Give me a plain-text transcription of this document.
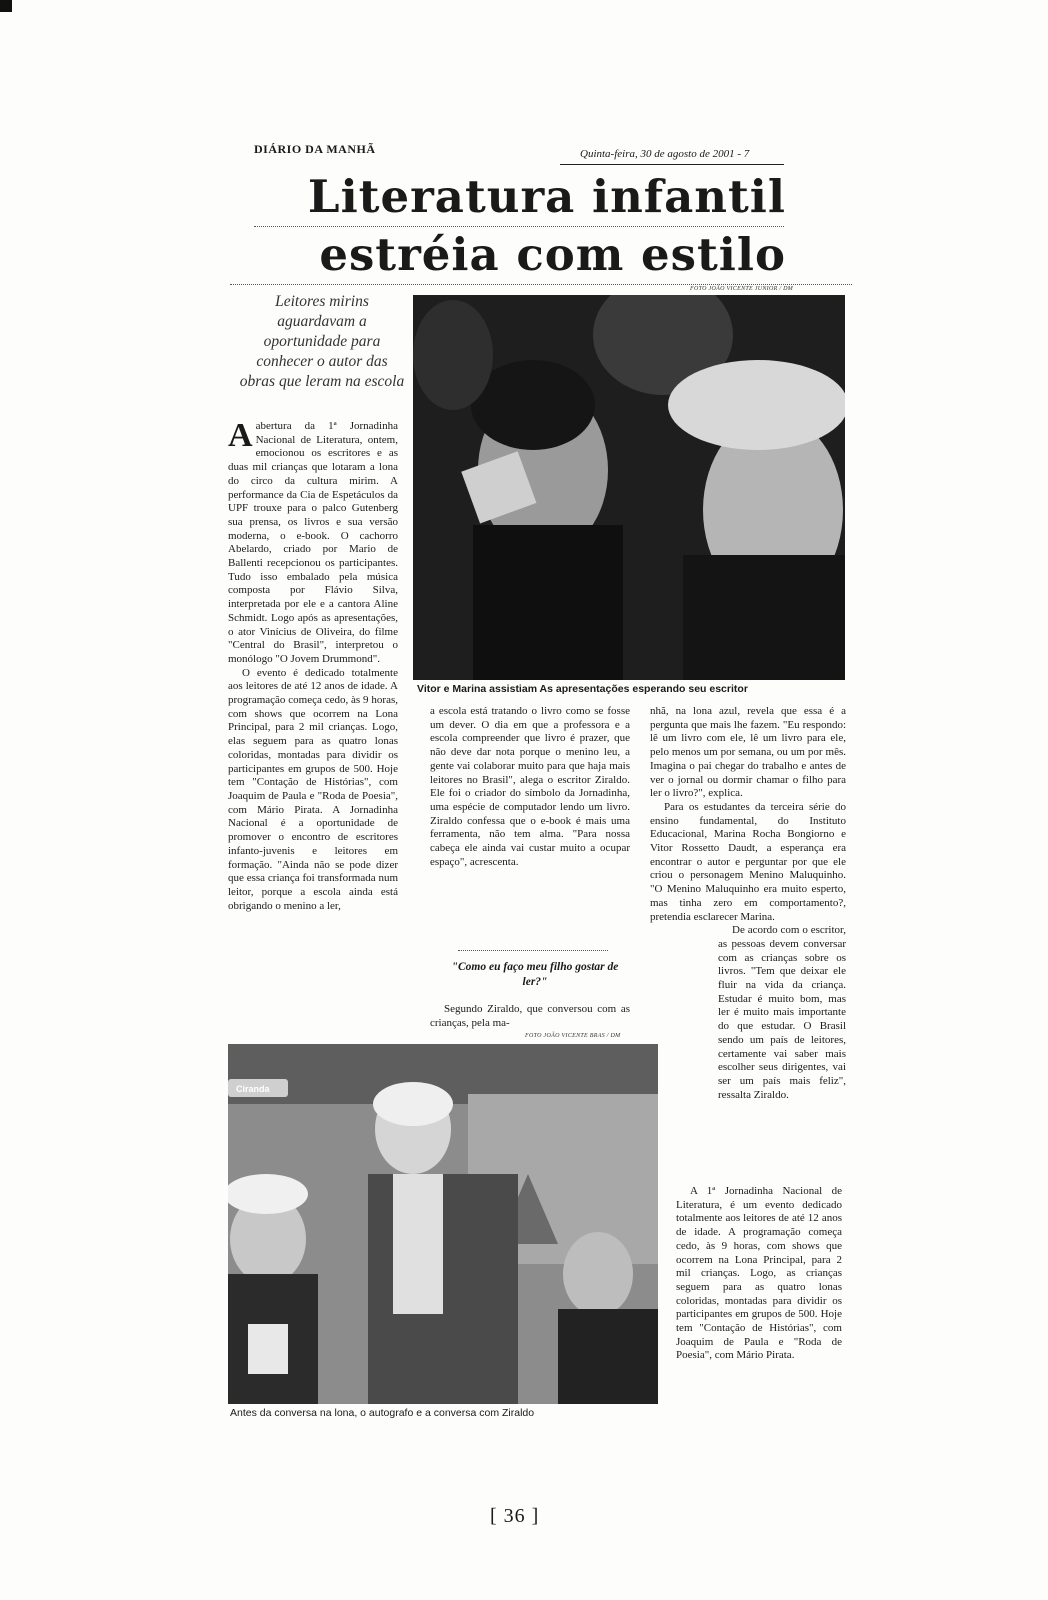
DIÁRIO DA MANHÃ	Quinta-feira, 30 de agosto de 2001 - 7
Literatura infantil
estréia com estilo
FOTO JOÃO VICENTE JUNIOR / DM
Leitores mirins aguardavam a oportunidade para conhecer o autor das obras que leram na escola
Vitor e Marina assistiam As apresentações esperando seu escritor

Aabertura da 1ª Jornadinha Nacional de Literatura, ontem, emocionou os escritores e as duas mil crianças que lotaram a lona do circo da cultura mirim. A performance da Cia de Espetáculos da UPF trouxe para o palco Gutenberg sua prensa, os livros e sua versão moderna, o e-book. O cachorro Abelardo, criado por Mario de Ballenti recepcionou os participantes. Tudo isso embalado pela música composta por Flávio Silva, interpretada por ele e a cantora Aline Schmidt. Logo após as apresentações, o ator Vinícius de Oliveira, do filme "Central do Brasil", interpretou o monólogo "O Jovem Drummond".

O evento é dedicado totalmente aos leitores de até 12 anos de idade. A programação começa cedo, às 9 horas, com shows que ocorrem na Lona Principal, para 2 mil crianças. Logo, elas seguem para as quatro lonas coloridas, montadas para dividir os participantes em grupos de 500. Hoje tem "Contação de Histórias", com Joaquim de Paula e "Roda de Poesia", com Mário Pirata. A Jornadinha Nacional é a oportunidade de promover o encontro de escritores infanto-juvenis e leitores em formação. "Ainda não se pode dizer que essa criança foi transformada num leitor, porque a escola ainda está obrigando o menino a ler,

a escola está tratando o livro como se fosse um dever. O dia em que a professora e a escola compreender que livro é prazer, que não deve dar nota porque o menino leu, a gente vai colaborar muito para que haja mais leitores no Brasil", alega o escritor Ziraldo. Ele foi o criador do símbolo da Jornadinha, uma espécie de computador lendo um livro. Ziraldo confessa que o e-book é mais uma ferramenta, não tem alma. "Para nossa cabeça ele ainda vai custar muito a ocupar espaço", acrescenta.

"Como eu faço meu filho gostar de ler?"

Segundo Ziraldo, que conversou com as crianças, pela ma-

FOTO JOÃO VICENTE BRAS / DM

nhã, na lona azul, revela que essa é a pergunta que mais lhe fazem. "Eu respondo: lê um livro com ele, lê um livro para ele, pelo menos um por semana, ou um por mês. Imagina o pai chegar do trabalho e antes de ver o jornal ou dormir chamar o filho para ler o livro?", explica.

Para os estudantes da terceira série do ensino fundamental, do Instituto Educacional, Marina Rocha Bongiorno e Vitor Rossetto Daudt, a esperança era encontrar o autor e perguntar por que ele criou o personagem Menino Maluquinho. "O Menino Maluquinho era muito esperto, mas tinha zero em comportamento?, pretendia esclarecer Marina.

De acordo com o escritor, as pessoas devem conversar com as crianças sobre os livros. "Tem que deixar ele fluir na vida da criança. Estudar é muito bom, mas ler é muito mais importante do que estudar. O Brasil sendo um país de leitores, certamente vai saber mais escolher seus dirigentes, vai ser um país mais feliz", ressalta Ziraldo.

A 1ª Jornadinha Nacional de Literatura, é um evento dedicado totalmente aos leitores de até 12 anos de idade. A programação começa cedo, às 9 horas, com shows que ocorrem na Lona Principal, para 2 mil crianças. Logo, as crianças seguem para as quatro lonas coloridas, montadas para dividir os participantes em grupos de 500. Hoje tem "Contação de Histórias", com Joaquim de Paula e "Roda de Poesia", com Mário Pirata.

Antes da conversa na lona, o autografo e a conversa com Ziraldo
Ciranda
[ 36 ]
